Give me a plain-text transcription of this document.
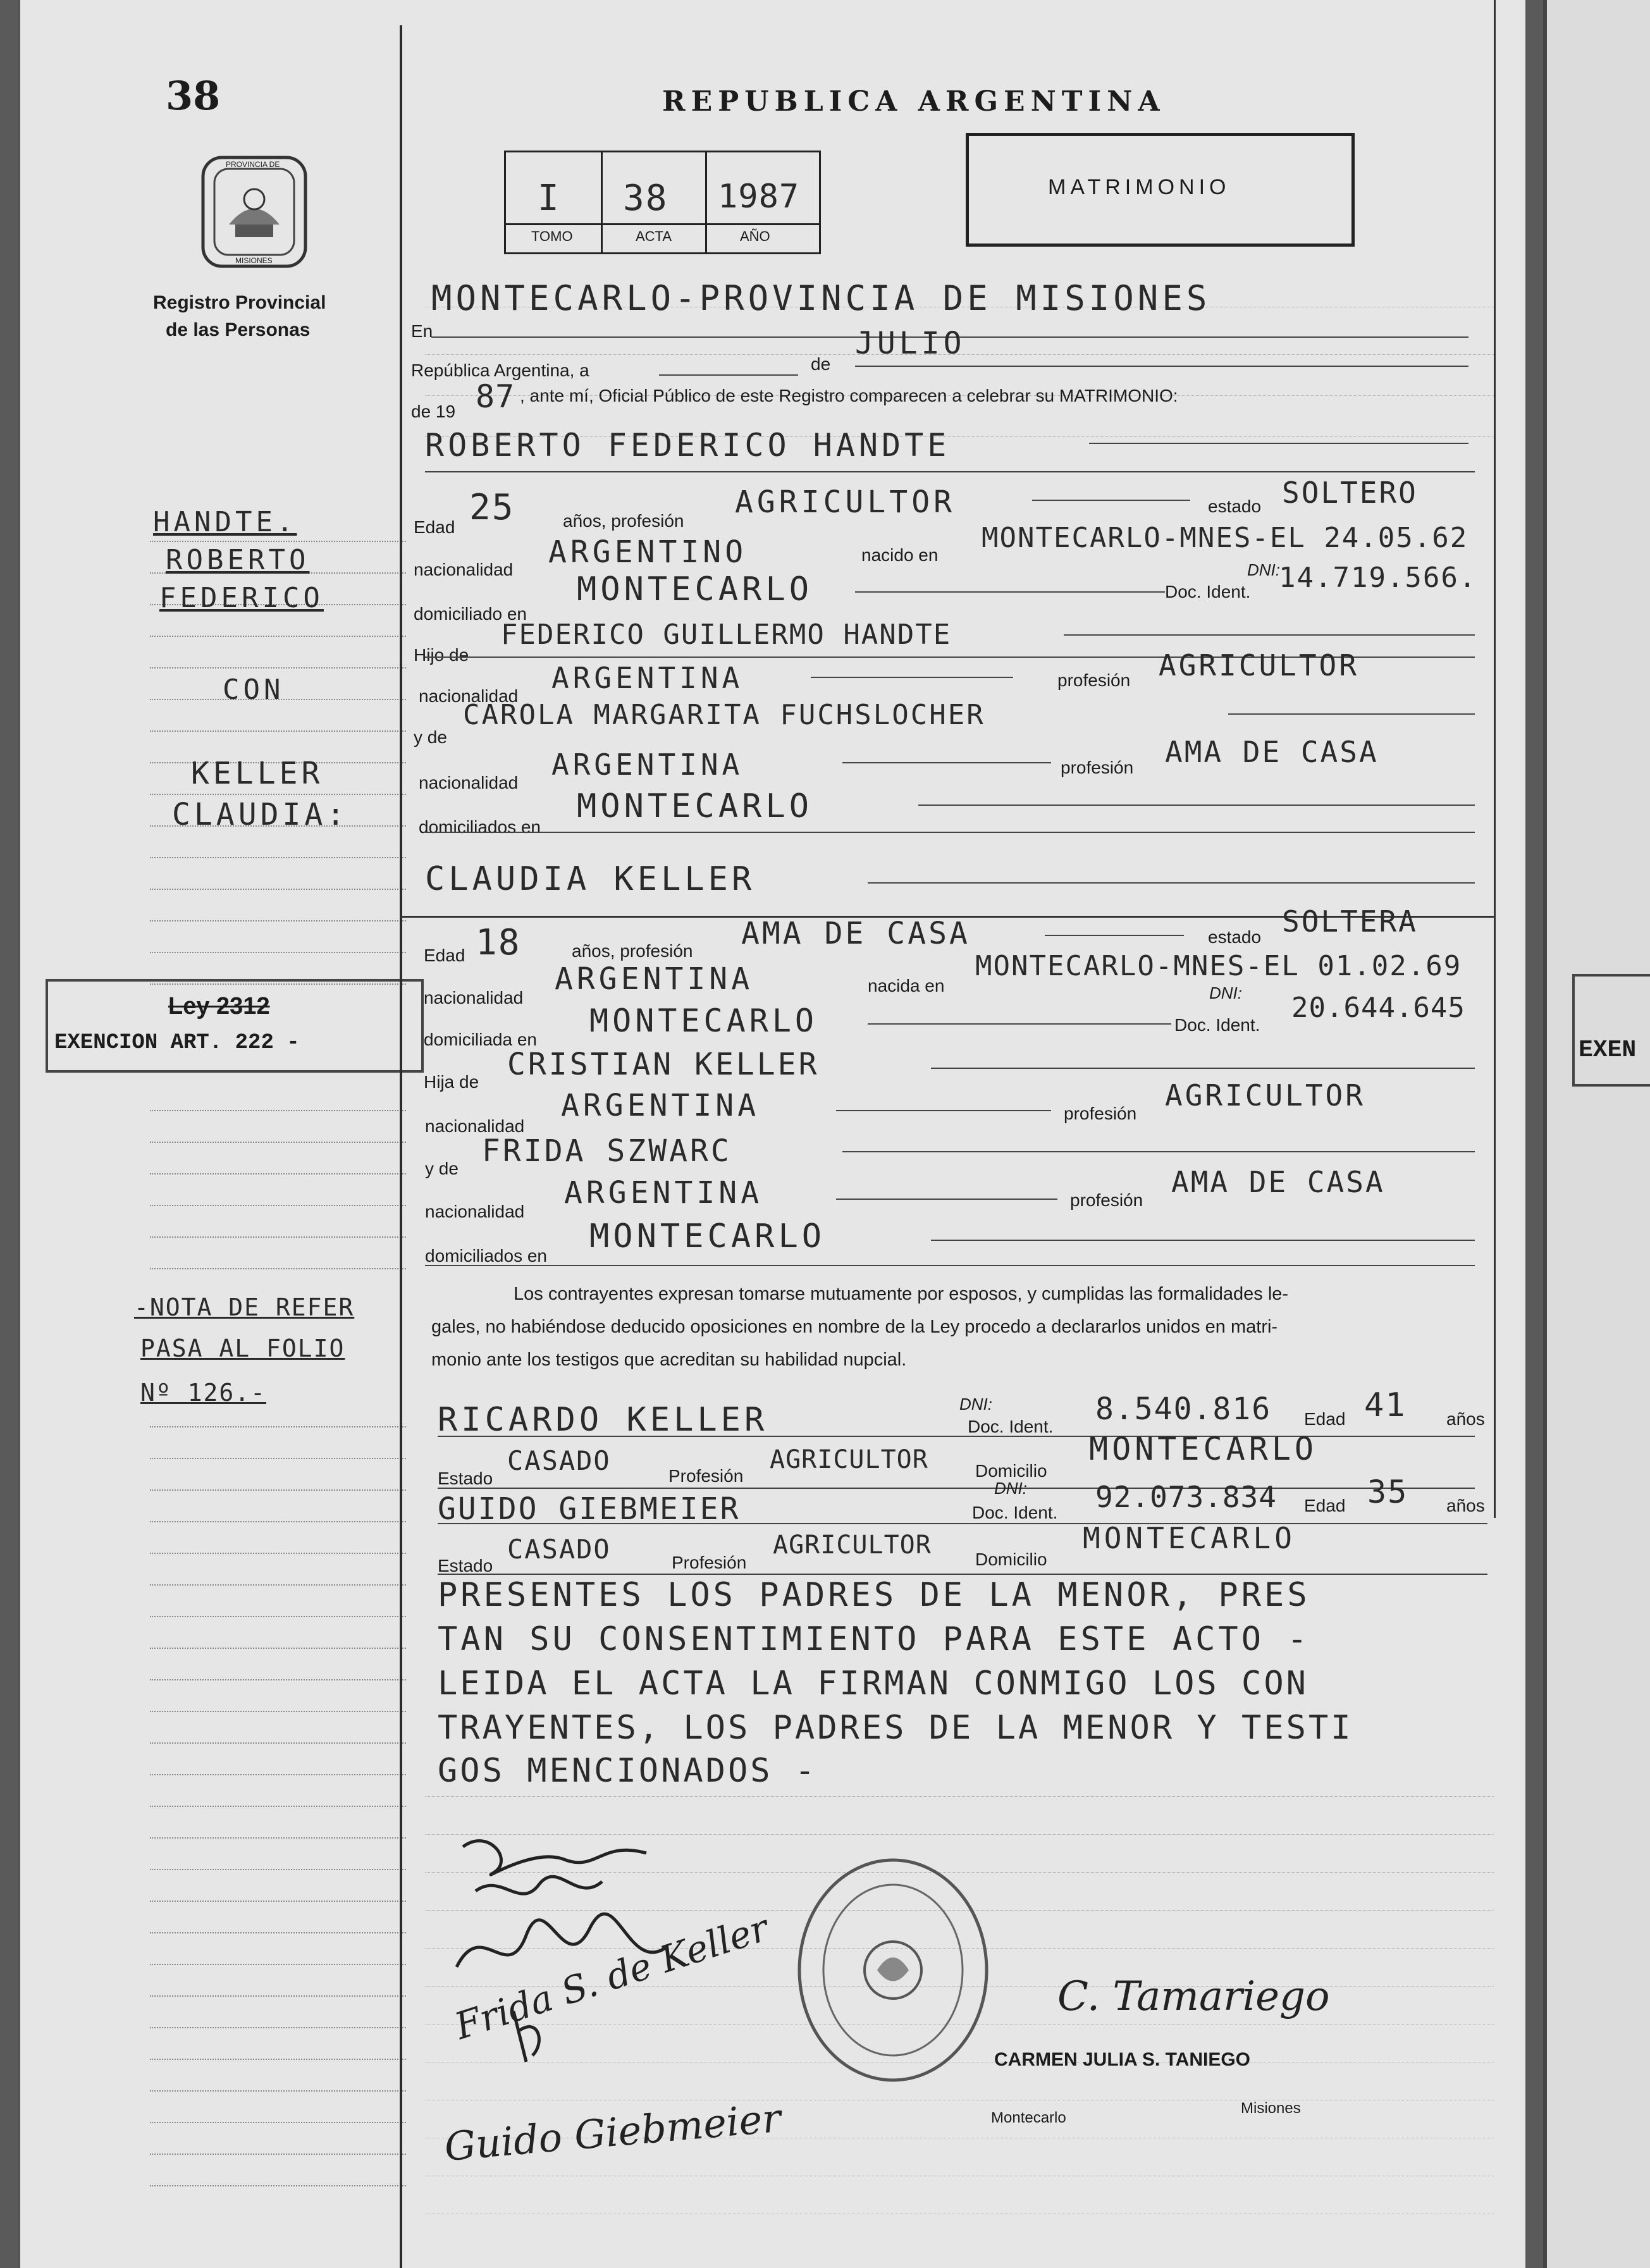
38
PROVINCIA DE
MISIONES
Registro Provincial
de las Personas
HANDTE.
ROBERTO
FEDERICO
CON
KELLER
CLAUDIA:
Ley 2312
EXENCION ART. 222 -
-NOTA DE REFER
PASA AL FOLIO
Nº 126.-
REPUBLICA ARGENTINA
I
TOMO
38
ACTA
1987
AÑO
MATRIMONIO
En
MONTECARLO-PROVINCIA DE MISIONES
República Argentina, a	de
JULIO
de 19 87 , ante mí, Oficial Público de este Registro comparecen a celebrar su MATRIMONIO:
ROBERTO FEDERICO HANDTE
Edad 25	años, profesión
AGRICULTOR	estado SOLTERO
nacionalidad ARGENTINO	nacido en
MONTECARLO-MNES-EL 24.05.62
domiciliado en
MONTECARLO
DNI:
Doc. Ident. 14.719.566.
Hijo de
FEDERICO GUILLERMO HANDTE
nacionalidad
ARGENTINA	profesión AGRICULTOR
y de
CAROLA MARGARITA FUCHSLOCHER
nacionalidad
ARGENTINA	profesión AMA DE CASA
domiciliados en
MONTECARLO
CLAUDIA KELLER
Edad 18	años, profesión AMA DE CASA	estado SOLTERA
nacionalidad
ARGENTINA	nacida en
MONTECARLO-MNES-EL 01.02.69
domiciliada en
MONTECARLO
DNI:
Doc. Ident.
20.644.645
Hija de CRISTIAN KELLER
nacionalidad
ARGENTINA	profesión
AGRICULTOR
y de FRIDA SZWARC
nacionalidad
ARGENTINA	profesión
AMA DE CASA
domiciliados en
MONTECARLO
Los contrayentes expresan tomarse mutuamente por esposos, y cumplidas las formalidades le-
gales, no habiéndose deducido oposiciones en nombre de la Ley procedo a declararlos unidos en matri-
monio ante los testigos que acreditan su habilidad nupcial.
RICARDO KELLER	DNI:
Doc. Ident. 8.540.816 Edad 41 años
Estado
CASADO	Profesión
AGRICULTOR	Domicilio
MONTECARLO
GUIDO GIEBMEIER
DNI:
Doc. Ident. 92.073.834 Edad 35 años
Estado
CASADO	Profesión
AGRICULTOR Domicilio
MONTECARLO
PRESENTES LOS PADRES DE LA MENOR, PRES
TAN SU CONSENTIMIENTO PARA ESTE ACTO -
LEIDA EL ACTA LA FIRMAN CONMIGO LOS CON
TRAYENTES, LOS PADRES DE LA MENOR Y TESTI
GOS MENCIONADOS -
Frida S. de Keller
Guido Giebmeier
C. Tamariego
CARMEN JULIA S. TANIEGO
Montecarlo
Misiones
EXEN
